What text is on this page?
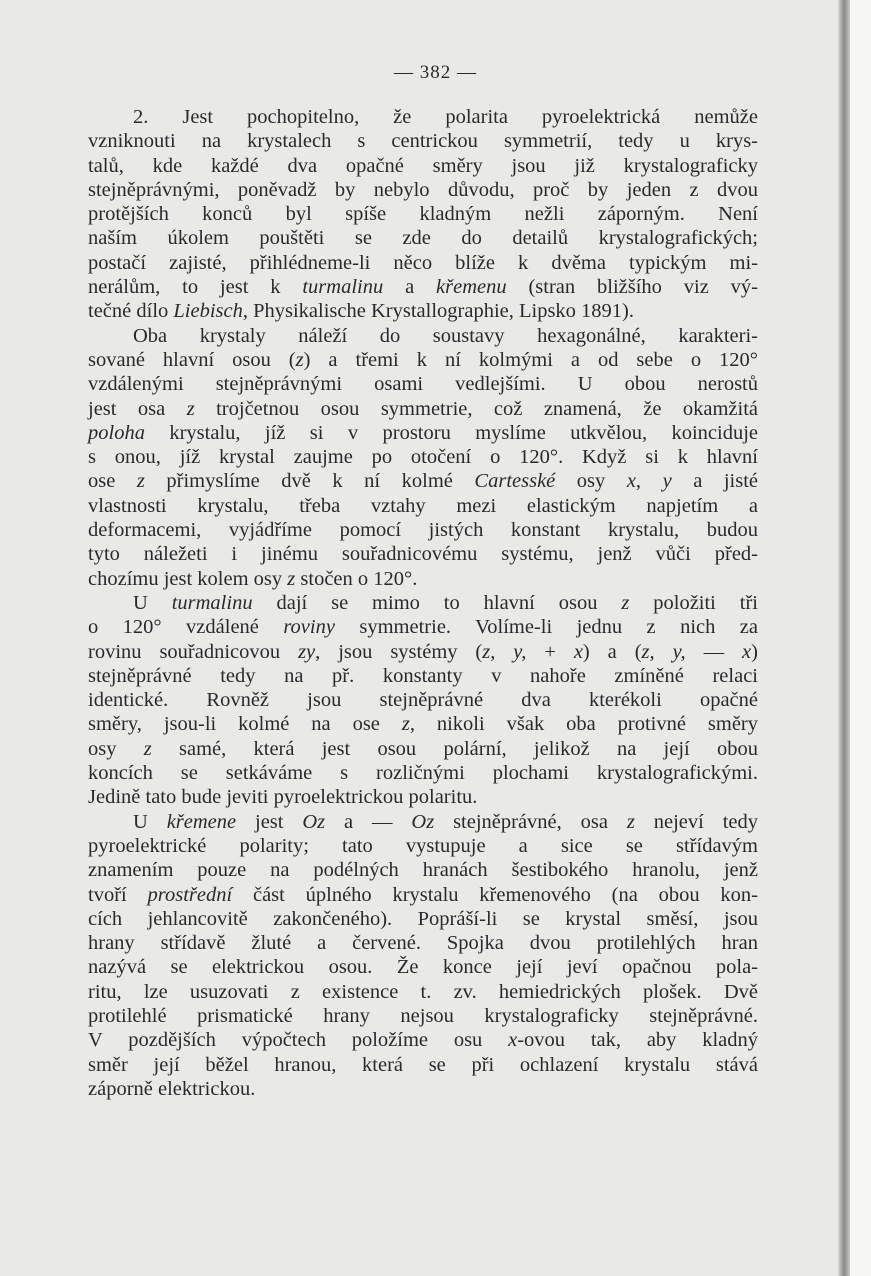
— 382 —
2. Jest pochopitelno, že polarita pyroelektrická nemůže
vzniknouti na krystalech s centrickou symmetrií, tedy u krys-
talů, kde každé dva opačné směry jsou již krystalograficky
stejněprávnými, poněvadž by nebylo důvodu, proč by jeden z dvou
protějších konců byl spíše kladným nežli záporným. Není
naším úkolem pouštěti se zde do detailů krystalografických;
postačí zajisté, přihlédneme-li něco blíže k dvěma typickým mi-
nerálům, to jest k turmalinu a křemenu (stran bližšího viz vý-
tečné dílo Liebisch, Physikalische Krystallographie, Lipsko 1891).
Oba krystaly náleží do soustavy hexagonálné, karakteri-
sované hlavní osou (z) a třemi k ní kolmými a od sebe o 120°
vzdálenými stejněprávnými osami vedlejšími. U obou nerostů
jest osa z trojčetnou osou symmetrie, což znamená, že okamžitá
poloha krystalu, jíž si v prostoru myslíme utkvělou, koinciduje
s onou, jíž krystal zaujme po otočení o 120°. Když si k hlavní
ose z přimyslíme dvě k ní kolmé Cartesské osy x, y a jisté
vlastnosti krystalu, třeba vztahy mezi elastickým napjetím a
deformacemi, vyjádříme pomocí jistých konstant krystalu, budou
tyto náležeti i jinému souřadnicovému systému, jenž vůči před-
chozímu jest kolem osy z stočen o 120°.
U turmalinu dají se mimo to hlavní osou z položiti tři
o 120° vzdálené roviny symmetrie. Volíme-li jednu z nich za
rovinu souřadnicovou zy, jsou systémy (z, y, + x) a (z, y, — x)
stejněprávné tedy na př. konstanty v nahoře zmíněné relaci
identické. Rovněž jsou stejněprávné dva kterékoli opačné
směry, jsou-li kolmé na ose z, nikoli však oba protivné směry
osy z samé, která jest osou polární, jelikož na její obou
koncích se setkáváme s rozličnými plochami krystalografickými.
Jedině tato bude jeviti pyroelektrickou polaritu.
U křemene jest Oz a — Oz stejněprávné, osa z nejeví tedy
pyroelektrické polarity; tato vystupuje a sice se střídavým
znamením pouze na podélných hranách šestibokého hranolu, jenž
tvoří prostřední část úplného krystalu křemenového (na obou kon-
cích jehlancovitě zakončeného). Popráší-li se krystal směsí, jsou
hrany střídavě žluté a červené. Spojka dvou protilehlých hran
nazývá se elektrickou osou. Že konce její jeví opačnou pola-
ritu, lze usuzovati z existence t. zv. hemiedrických plošek. Dvě
protilehlé prismatické hrany nejsou krystalograficky stejněprávné.
V pozdějších výpočtech položíme osu x-ovou tak, aby kladný
směr její běžel hranou, která se při ochlazení krystalu stává
záporně elektrickou.
